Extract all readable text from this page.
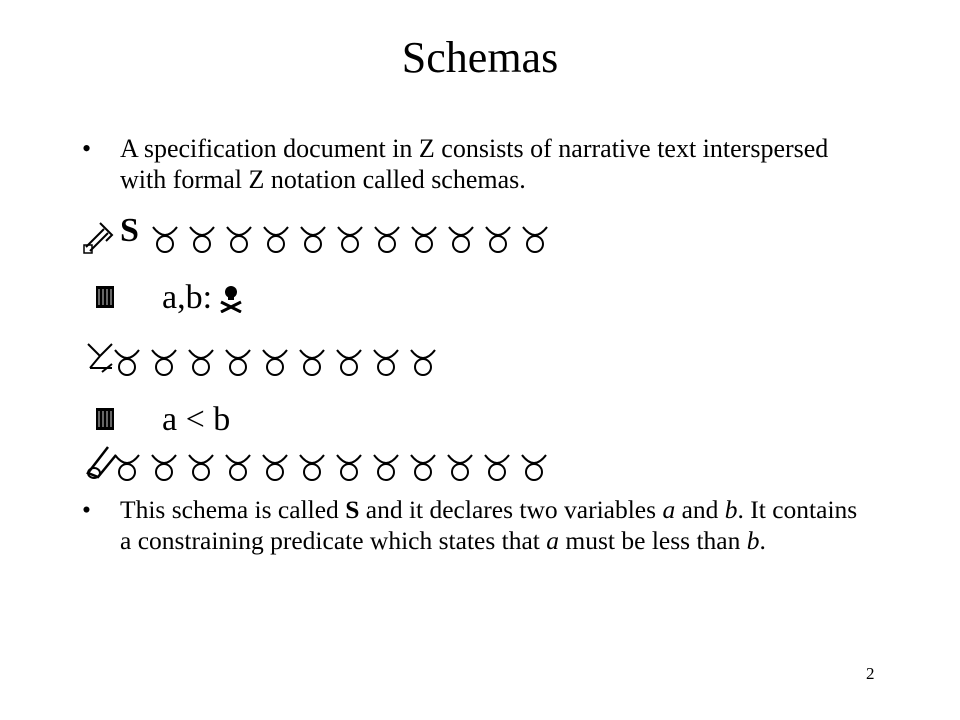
Schemas
• A specification document in Z consists of narrative text interspersed with formal Z notation called schemas.
S
a,b:
a < b
• This schema is called S and it declares two variables a and b. It contains a constraining predicate which states that a must be less than b.
2
